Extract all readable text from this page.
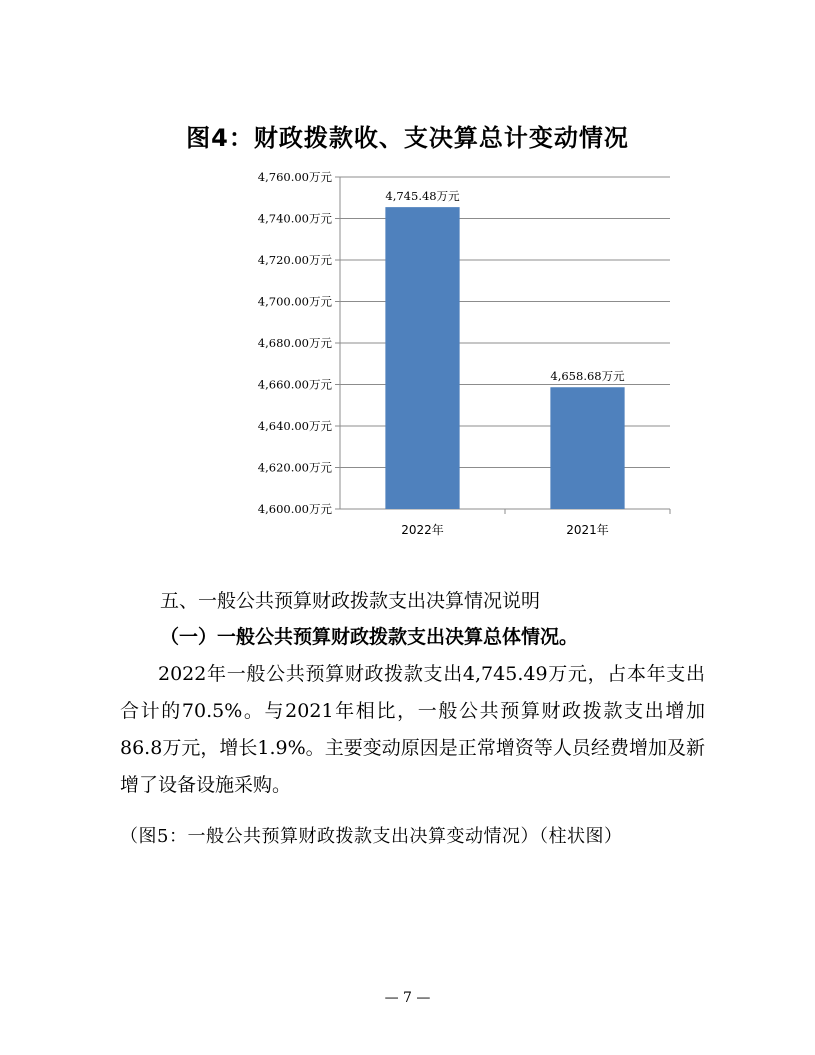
图4：财政拨款收、支决算总计变动情况
4,760.00万元
4,740.00万元
4,720.00万元
4,700.00万元
4,680.00万元
4,660.00万元
4,640.00万元
4,620.00万元
4,600.00万元
4,745.48万元
2022年
4,658.68万元
2021年
五、一般公共预算财政拨款支出决算情况说明
（一）一般公共预算财政拨款支出决算总体情况。

2022年一般公共预算财政拨款支出4,745.49万元，占本年支出合计的70.5%。与2021年相比，一般公共预算财政拨款支出增加86.8万元，增长1.9%。主要变动原因是正常增资等人员经费增加及新增了设备设施采购。

（图5：一般公共预算财政拨款支出决算变动情况）（柱状图）
— 7 —
